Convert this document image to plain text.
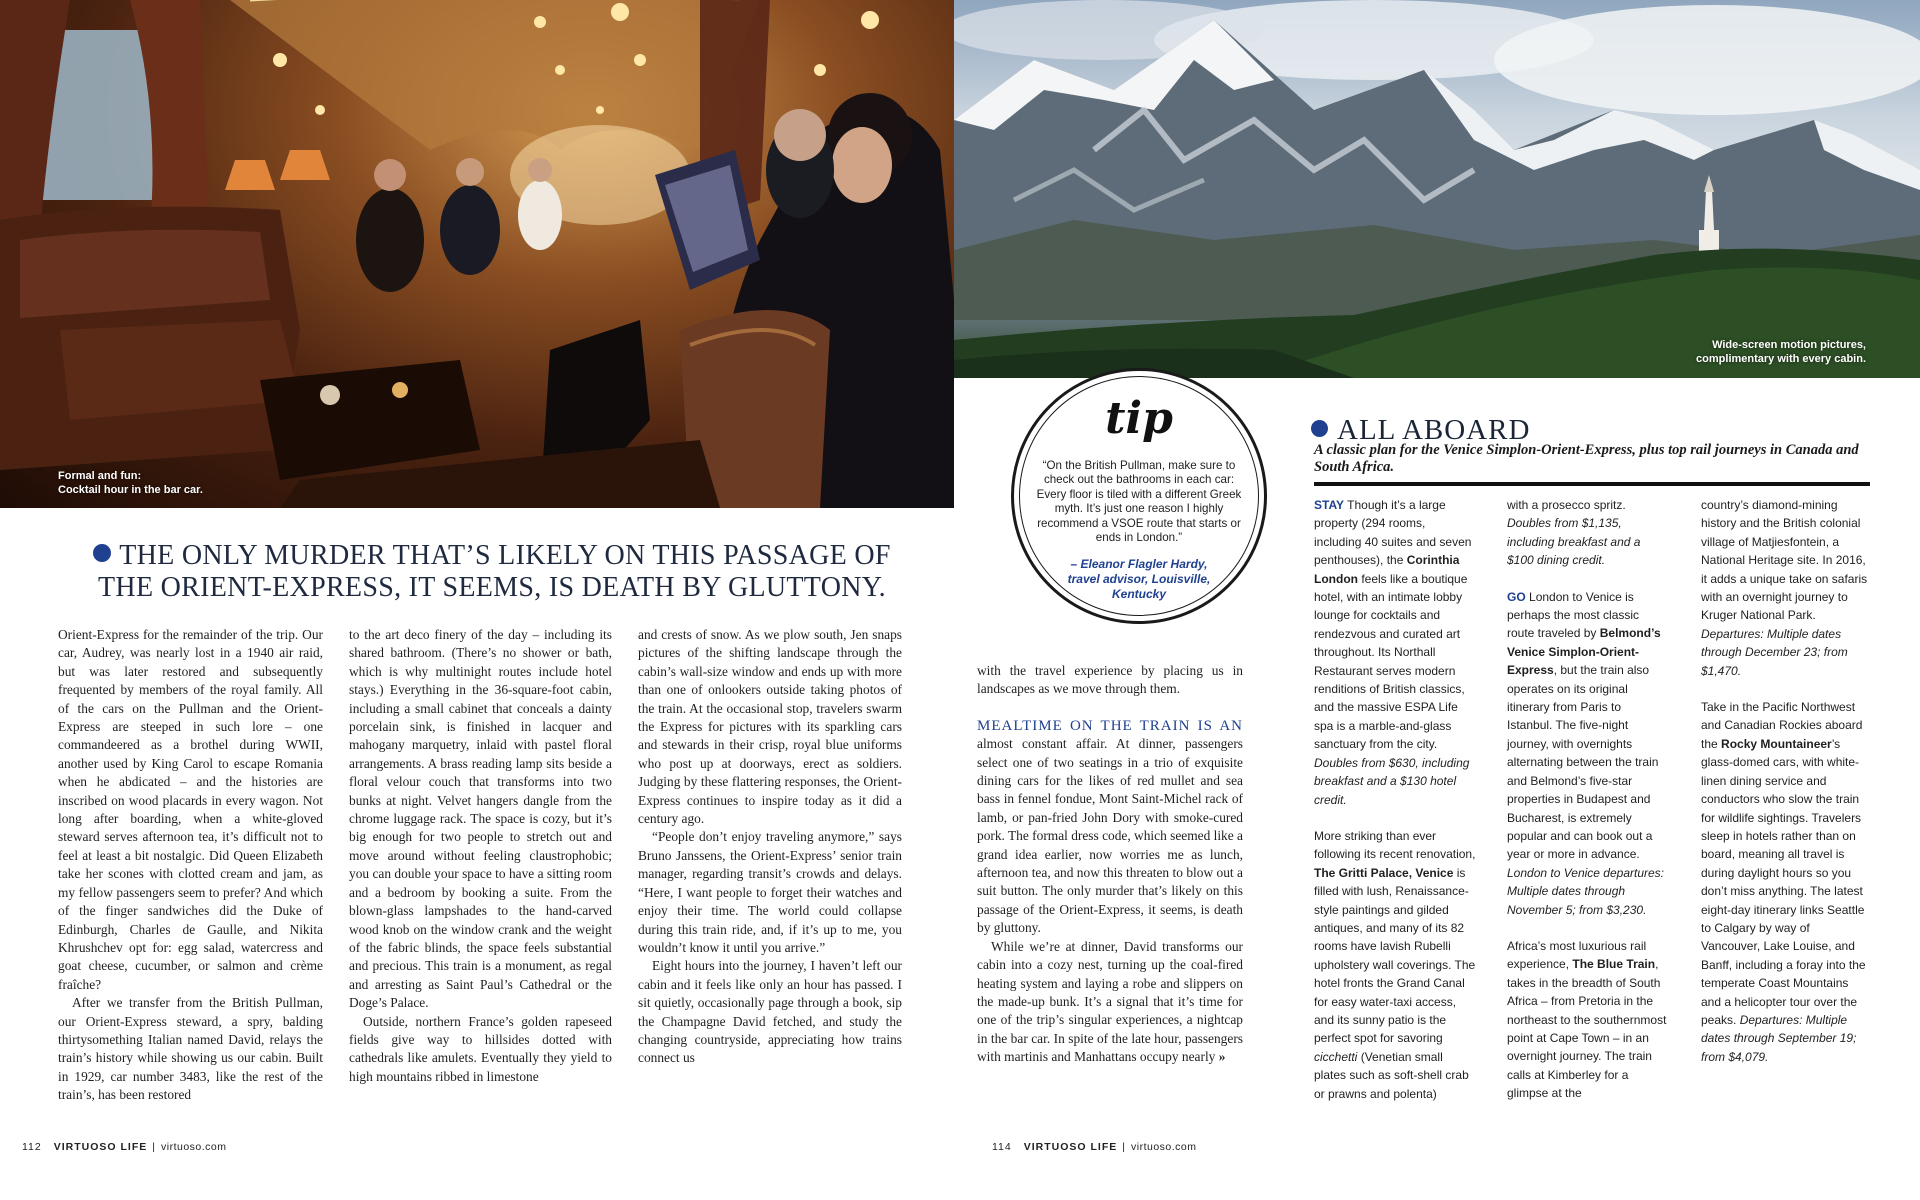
Formal and fun:
Cocktail hour in the bar car.
THE ONLY MURDER THAT’S LIKELY ON THIS PASSAGE OF THE ORIENT-EXPRESS, IT SEEMS, IS DEATH BY GLUTTONY.

Orient-Express for the remainder of the trip. Our car, Audrey, was nearly lost in a 1940 air raid, but was later restored and subsequently frequented by members of the royal family. All of the cars on the Pullman and the Orient-Express are steeped in such lore – one commandeered as a brothel during WWII, another used by King Carol to escape Romania when he abdicated – and the histories are inscribed on wood placards in every wagon. Not long after boarding, when a white-gloved steward serves afternoon tea, it’s difficult not to feel at least a bit nostalgic. Did Queen Elizabeth take her scones with clotted cream and jam, as my fellow passengers seem to prefer? And which of the finger sandwiches did the Duke of Edinburgh, Charles de Gaulle, and Nikita Khrushchev opt for: egg salad, watercress and goat cheese, cucumber, or salmon and crème fraîche?

After we transfer from the British Pullman, our Orient-Express steward, a spry, balding thirtysomething Italian named David, relays the train’s history while showing us our cabin. Built in 1929, car number 3483, like the rest of the train’s, has been restored

to the art deco finery of the day – including its shared bathroom. (There’s no shower or bath, which is why multinight routes include hotel stays.) Everything in the 36-square-foot cabin, including a small cabinet that conceals a dainty porcelain sink, is finished in lacquer and mahogany marquetry, inlaid with pastel floral arrangements. A brass reading lamp sits beside a floral velour couch that transforms into two bunks at night. Velvet hangers dangle from the chrome luggage rack. The space is cozy, but it’s big enough for two people to stretch out and move around without feeling claustrophobic; you can double your space to have a sitting room and a bedroom by booking a suite. From the blown-glass lampshades to the hand-carved wood knob on the window crank and the weight of the fabric blinds, the space feels substantial and precious. This train is a monument, as regal and arresting as Saint Paul’s Cathedral or the Doge’s Palace.

Outside, northern France’s golden rapeseed fields give way to hillsides dotted with cathedrals like amulets. Eventually they yield to high mountains ribbed in limestone

and crests of snow. As we plow south, Jen snaps pictures of the shifting landscape through the cabin’s wall-size window and ends up with more than one of onlookers outside taking photos of the train. At the occasional stop, travelers swarm the Express for pictures with its sparkling cars and stewards in their crisp, royal blue uniforms who post up at doorways, erect as soldiers. Judging by these flattering responses, the Orient-Express continues to inspire today as it did a century ago.

“People don’t enjoy traveling anymore,” says Bruno Janssens, the Orient-Express’ senior train manager, regarding transit’s crowds and delays. “Here, I want people to forget their watches and enjoy their time. The world could collapse during this train ride, and, if it’s up to me, you wouldn’t know it until you arrive.”

Eight hours into the journey, I haven’t left our cabin and it feels like only an hour has passed. I sit quietly, occasionally page through a book, sip the Champagne David fetched, and study the changing countryside, appreciating how trains connect us

112 VIRTUOSO LIFE | virtuoso.com
Wide-screen motion pictures,
complimentary with every cabin.
tip
“On the British Pullman, make sure to check out the bathrooms in each car: Every floor is tiled with a different Greek myth. It’s just one reason I highly recommend a VSOE route that starts or ends in London.”
– Eleanor Flagler Hardy,
travel advisor, Louisville,
Kentucky

with the travel experience by placing us in landscapes as we move through them.

MEALTIME ON THE TRAIN IS AN almost constant affair. At dinner, passengers select one of two seatings in a trio of exquisite dining cars for the likes of red mullet and sea bass in fennel fondue, Mont Saint-Michel rack of lamb, or pan-fried John Dory with smoke-cured pork. The formal dress code, which seemed like a grand idea earlier, now worries me as lunch, afternoon tea, and now this threaten to blow out a suit button. The only murder that’s likely on this passage of the Orient-Express, it seems, is death by gluttony.

While we’re at dinner, David transforms our cabin into a cozy nest, turning up the coal-fired heating system and laying a robe and slippers on the made-up bunk. It’s a signal that it’s time for one of the trip’s singular experiences, a nightcap in the bar car. In spite of the late hour, passengers with martinis and Manhattans occupy nearly »

ALL ABOARD
A classic plan for the Venice Simplon-Orient-Express, plus top rail journeys in Canada and South Africa.

STAY Though it’s a large property (294 rooms, including 40 suites and seven penthouses), the Corinthia London feels like a boutique hotel, with an intimate lobby lounge for cocktails and rendezvous and curated art throughout. Its Northall Restaurant serves modern renditions of British classics, and the massive ESPA Life spa is a marble-and-glass sanctuary from the city. Doubles from $630, including breakfast and a $130 hotel credit.

More striking than ever following its recent renovation, The Gritti Palace, Venice is filled with lush, Renaissance-style paintings and gilded antiques, and many of its 82 rooms have lavish Rubelli upholstery wall coverings. The hotel fronts the Grand Canal for easy water-taxi access, and its sunny patio is the perfect spot for savoring cicchetti (Venetian small plates such as soft-shell crab or prawns and polenta)

with a prosecco spritz. Doubles from $1,135, including breakfast and a $100 dining credit.

GO London to Venice is perhaps the most classic route traveled by Belmond’s Venice Simplon-Orient-Express, but the train also operates on its original itinerary from Paris to Istanbul. The five-night journey, with overnights alternating between the train and Belmond’s five-star properties in Budapest and Bucharest, is extremely popular and can book out a year or more in advance. London to Venice departures: Multiple dates through November 5; from $3,230.

Africa’s most luxurious rail experience, The Blue Train, takes in the breadth of South Africa – from Pretoria in the northeast to the southernmost point at Cape Town – in an overnight journey. The train calls at Kimberley for a glimpse at the

country’s diamond-mining history and the British colonial village of Matjiesfontein, a National Heritage site. In 2016, it adds a unique take on safaris with an overnight journey to Kruger National Park. Departures: Multiple dates through December 23; from $1,470.

Take in the Pacific Northwest and Canadian Rockies aboard the Rocky Mountaineer’s glass-domed cars, with white-linen dining service and conductors who slow the train for wildlife sightings. Travelers sleep in hotels rather than on board, meaning all travel is during daylight hours so you don’t miss anything. The latest eight-day itinerary links Seattle to Calgary by way of Vancouver, Lake Louise, and Banff, including a foray into the temperate Coast Mountains and a helicopter tour over the peaks. Departures: Multiple dates through September 19; from $4,079.

114 VIRTUOSO LIFE | virtuoso.com
